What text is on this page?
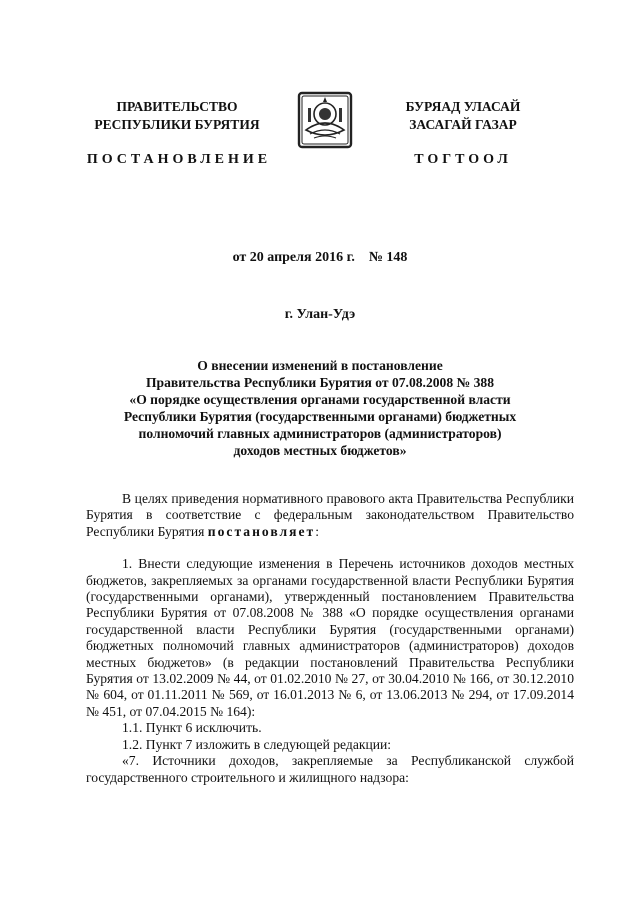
ПРАВИТЕЛЬСТВО
РЕСПУБЛИКИ БУРЯТИЯ
БУРЯАД УЛАСАЙ
ЗАСАГАЙ ГАЗАР
ПОСТАНОВЛЕНИЕ	ТОГТООЛ
от 20 апреля 2016 г. № 148
г. Улан-Удэ
О внесении изменений в постановление
Правительства Республики Бурятия от 07.08.2008 № 388
«О порядке осуществления органами государственной власти
Республики Бурятия (государственными органами) бюджетных
полномочий главных администраторов (администраторов)
доходов местных бюджетов»

В целях приведения нормативного правового акта Правительства Республики Бурятия в соответствие с федеральным законодательством Правительство Республики Бурятия постановляет:

1. Внести следующие изменения в Перечень источников доходов местных бюджетов, закрепляемых за органами государственной власти Республики Бурятия (государственными органами), утвержденный постановлением Правительства Республики Бурятия от 07.08.2008 № 388 «О порядке осуществления органами государственной власти Республики Бурятия (государственными органами) бюджетных полномочий главных администраторов (администраторов) доходов местных бюджетов» (в редакции постановлений Правительства Республики Бурятия от 13.02.2009 № 44, от 01.02.2010 № 27, от 30.04.2010 № 166, от 30.12.2010 № 604, от 01.11.2011 № 569, от 16.01.2013 № 6, от 13.06.2013 № 294, от 17.09.2014 № 451, от 07.04.2015 № 164):

1.1. Пункт 6 исключить.

1.2. Пункт 7 изложить в следующей редакции:

«7. Источники доходов, закрепляемые за Республиканской службой государственного строительного и жилищного надзора:
